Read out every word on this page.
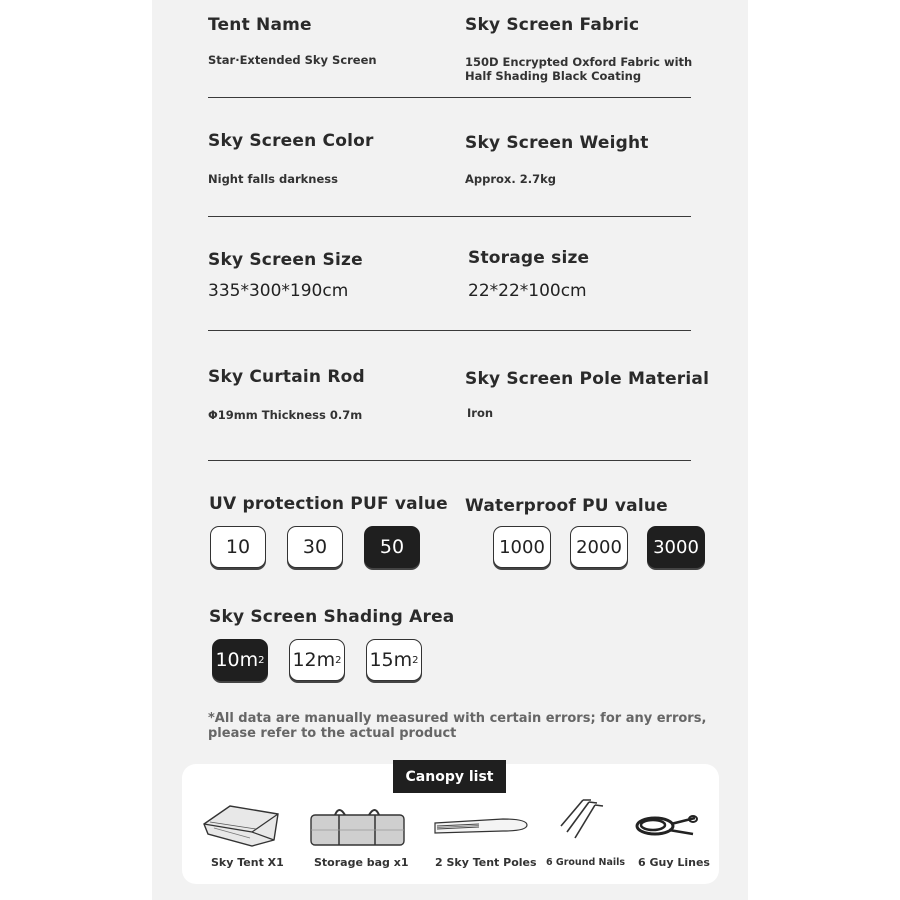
Tent Name
Star·Extended Sky Screen
Sky Screen Fabric
150D Encrypted Oxford Fabric with Half Shading Black Coating
Sky Screen Color
Night falls darkness
Sky Screen Weight
Approx. 2.7kg
Sky Screen Size
335*300*190cm
Storage size
22*22*100cm
Sky Curtain Rod
Φ19mm Thickness 0.7m
Sky Screen Pole Material
Iron
UV protection PUF value
10	30	50
Waterproof PU value
1000	2000	3000
Sky Screen Shading Area
10 m 2 12 m 2 15 m 2
*All data are manually measured with certain errors; for any errors, please refer to the actual product
Canopy list
Sky Tent X1	Storage bag x1 2 Sky Tent Poles 6 Ground Nails 6 Guy Lines
